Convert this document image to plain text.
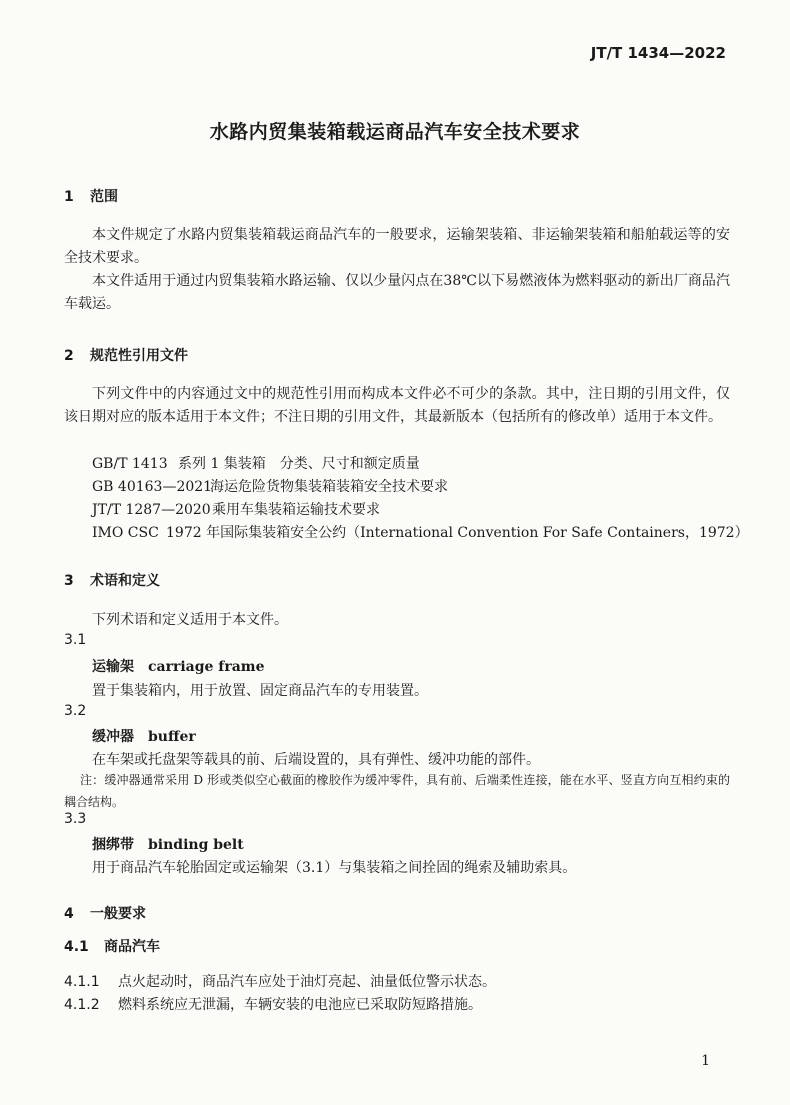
JT/T 1434—2022
水路内贸集装箱载运商品汽车安全技术要求
1 范围
本文件规定了水路内贸集装箱载运商品汽车的一般要求，运输架装箱、非运输架装箱和船舶载运等的安全技术要求。
本文件适用于通过内贸集装箱水路运输、仅以少量闪点在38℃以下易燃液体为燃料驱动的新出厂商品汽车载运。
2 规范性引用文件
下列文件中的内容通过文中的规范性引用而构成本文件必不可少的条款。其中，注日期的引用文件，仅该日期对应的版本适用于本文件；不注日期的引用文件，其最新版本（包括所有的修改单）适用于本文件。
GB/T 1413 系列 1 集装箱　分类、尺寸和额定质量
GB 40163—2021海运危险货物集装箱装箱安全技术要求
JT/T 1287—2020乘用车集装箱运输技术要求
IMO CSC 1972 年国际集装箱安全公约（International Convention For Safe Containers，1972）
3 术语和定义
下列术语和定义适用于本文件。
3.1
运输架 carriage frame
置于集装箱内，用于放置、固定商品汽车的专用装置。
3.2
缓冲器 buffer
在车架或托盘架等载具的前、后端设置的，具有弹性、缓冲功能的部件。
注：缓冲器通常采用 D 形或类似空心截面的橡胶作为缓冲零件，具有前、后端柔性连接，能在水平、竖直方向互相约束的耦合结构。
3.3
捆绑带 binding belt
用于商品汽车轮胎固定或运输架（3.1）与集装箱之间拴固的绳索及辅助索具。
4 一般要求
4.1 商品汽车
4.1.1 点火起动时，商品汽车应处于油灯亮起、油量低位警示状态。
4.1.2 燃料系统应无泄漏，车辆安装的电池应已采取防短路措施。
1
